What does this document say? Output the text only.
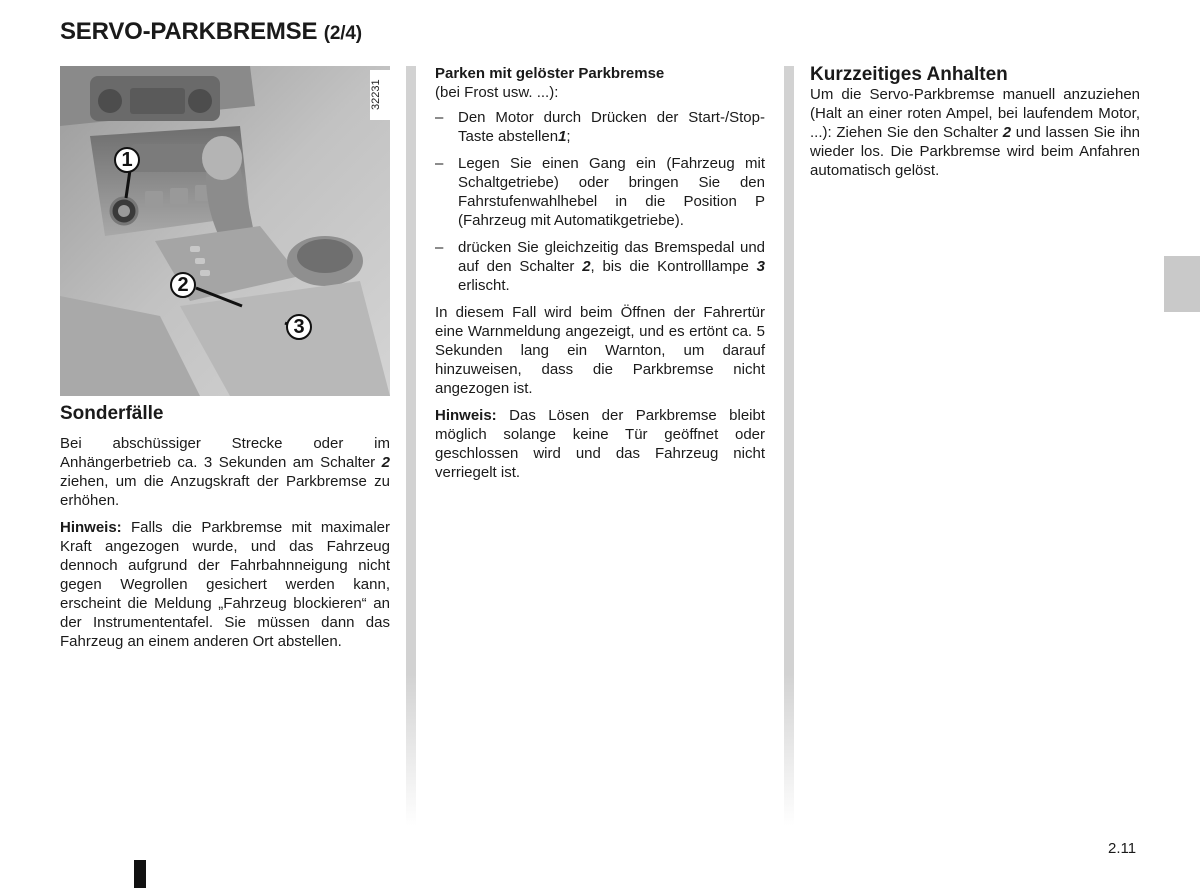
SERVO-PARKBREMSE (2/4)
32231
1
2
3
Sonderfälle

Bei abschüssiger Strecke oder im Anhängerbetrieb ca. 3 Sekunden am Schalter 2 ziehen, um die Anzugskraft der Parkbremse zu erhöhen.

Hinweis: Falls die Parkbremse mit maximaler Kraft angezogen wurde, und das Fahrzeug dennoch aufgrund der Fahrbahnneigung nicht gegen Wegrollen gesichert werden kann, erscheint die Meldung „Fahrzeug blockieren“ an der Instrumententafel. Sie müssen dann das Fahrzeug an einem anderen Ort abstellen.

Parken mit gelöster Parkbremse
(bei Frost usw. ...):
– Den Motor durch Drücken der Start-/Stop-Taste abstellen1;
– Legen Sie einen Gang ein (Fahrzeug mit Schaltgetriebe) oder bringen Sie den Fahrstufenwahlhebel in die Position P (Fahrzeug mit Automatikgetriebe).
– drücken Sie gleichzeitig das Bremspedal und auf den Schalter 2, bis die Kontrolllampe 3 erlischt.

In diesem Fall wird beim Öffnen der Fahrertür eine Warnmeldung angezeigt, und es ertönt ca. 5 Sekunden lang ein Warnton, um darauf hinzuweisen, dass die Parkbremse nicht angezogen ist.

Hinweis: Das Lösen der Parkbremse bleibt möglich solange keine Tür geöffnet oder geschlossen wird und das Fahrzeug nicht verriegelt ist.

Kurzzeitiges Anhalten

Um die Servo-Parkbremse manuell anzuziehen (Halt an einer roten Ampel, bei laufendem Motor, ...): Ziehen Sie den Schalter 2 und lassen Sie ihn wieder los. Die Parkbremse wird beim Anfahren automatisch gelöst.

2.11
